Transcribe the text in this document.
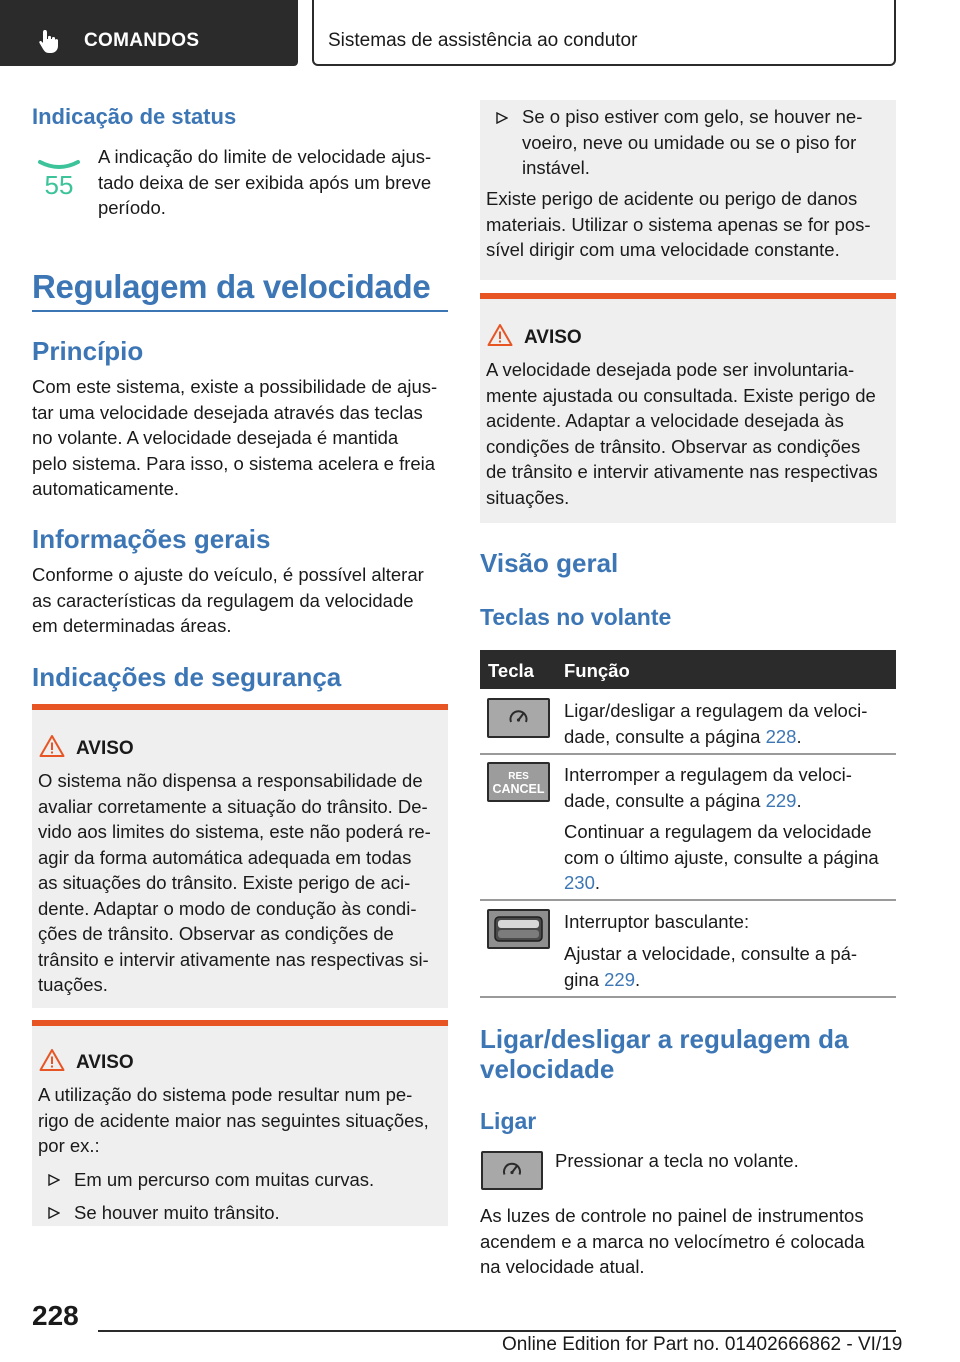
COMANDOS	Sistemas de assistência ao condutor
Indicação de status
55
A indicação do limite de velocidade ajus-
tado deixa de ser exibida após um breve
período.
Regulagem da velocidade
Princípio
Com este sistema, existe a possibilidade de ajus-
tar uma velocidade desejada através das teclas
no volante. A velocidade desejada é mantida
pelo sistema. Para isso, o sistema acelera e freia
automaticamente.
Informações gerais
Conforme o ajuste do veículo, é possível alterar
as características da regulagem da velocidade
em determinadas áreas.
Indicações de segurança
AVISO
O sistema não dispensa a responsabilidade de
avaliar corretamente a situação do trânsito. De-
vido aos limites do sistema, este não poderá re-
agir da forma automática adequada em todas
as situações do trânsito. Existe perigo de aci-
dente. Adaptar o modo de condução às condi-
ções de trânsito. Observar as condições de
trânsito e intervir ativamente nas respectivas si-
tuações.
AVISO
A utilização do sistema pode resultar num pe-
rigo de acidente maior nas seguintes situações,
por ex.:
Em um percurso com muitas curvas.
Se houver muito trânsito.
Se o piso estiver com gelo, se houver ne-
voeiro, neve ou umidade ou se o piso for
instável.
Existe perigo de acidente ou perigo de danos
materiais. Utilizar o sistema apenas se for pos-
sível dirigir com uma velocidade constante.
AVISO
A velocidade desejada pode ser involuntaria-
mente ajustada ou consultada. Existe perigo de
acidente. Adaptar a velocidade desejada às
condições de trânsito. Observar as condições
de trânsito e intervir ativamente nas respectivas
situações.
Visão geral
Teclas no volante
Tecla Função
Ligar/desligar a regulagem da veloci-
dade, consulte a página 228.
RES
CANCEL
Interromper a regulagem da veloci-
dade, consulte a página 229.
Continuar a regulagem da velocidade
com o último ajuste, consulte a página
230.
Interruptor basculante:
Ajustar a velocidade, consulte a pá-
gina 229.
Ligar/desligar a regulagem da
velocidade
Ligar
Pressionar a tecla no volante.
As luzes de controle no painel de instrumentos
acendem e a marca no velocímetro é colocada
na velocidade atual.
228
Online Edition for Part no. 01402666862 - VI/19
